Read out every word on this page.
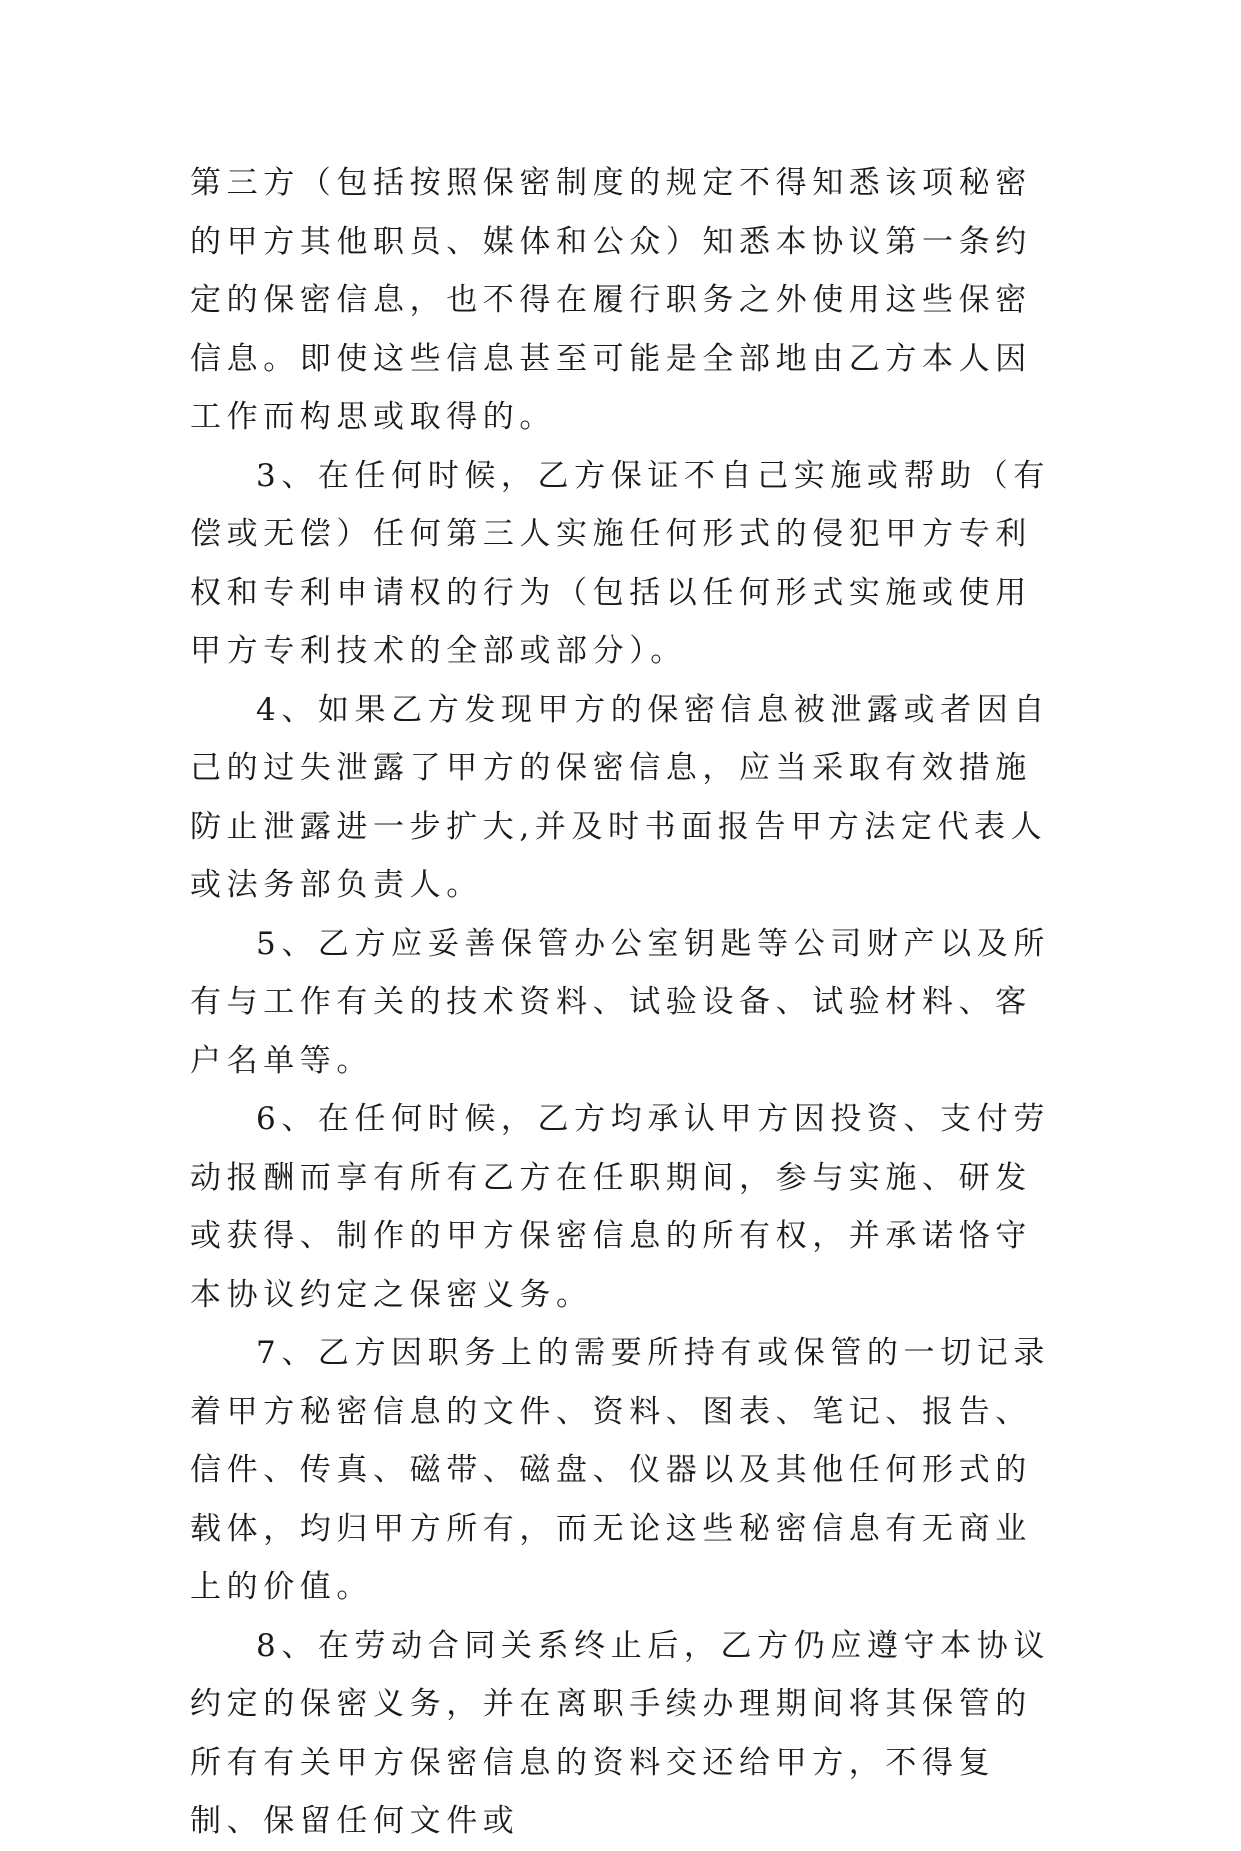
第三方（包括按照保密制度的规定不得知悉该项秘密的甲方其他职员、媒体和公众）知悉本协议第一条约定的保密信息，也不得在履行职务之外使用这些保密信息。即使这些信息甚至可能是全部地由乙方本人因工作而构思或取得的。

3、在任何时候，乙方保证不自己实施或帮助（有偿或无偿）任何第三人实施任何形式的侵犯甲方专利权和专利申请权的行为（包括以任何形式实施或使用甲方专利技术的全部或部分）。

4、如果乙方发现甲方的保密信息被泄露或者因自己的过失泄露了甲方的保密信息，应当采取有效措施防止泄露进一步扩大,并及时书面报告甲方法定代表人或法务部负责人。

5、乙方应妥善保管办公室钥匙等公司财产以及所有与工作有关的技术资料、试验设备、试验材料、客户名单等。

6、在任何时候，乙方均承认甲方因投资、支付劳动报酬而享有所有乙方在任职期间，参与实施、研发或获得、制作的甲方保密信息的所有权，并承诺恪守本协议约定之保密义务。

7、乙方因职务上的需要所持有或保管的一切记录着甲方秘密信息的文件、资料、图表、笔记、报告、信件、传真、磁带、磁盘、仪器以及其他任何形式的载体，均归甲方所有，而无论这些秘密信息有无商业上的价值。

8、在劳动合同关系终止后，乙方仍应遵守本协议约定的保密义务，并在离职手续办理期间将其保管的所有有关甲方保密信息的资料交还给甲方，不得复制、保留任何文件或
